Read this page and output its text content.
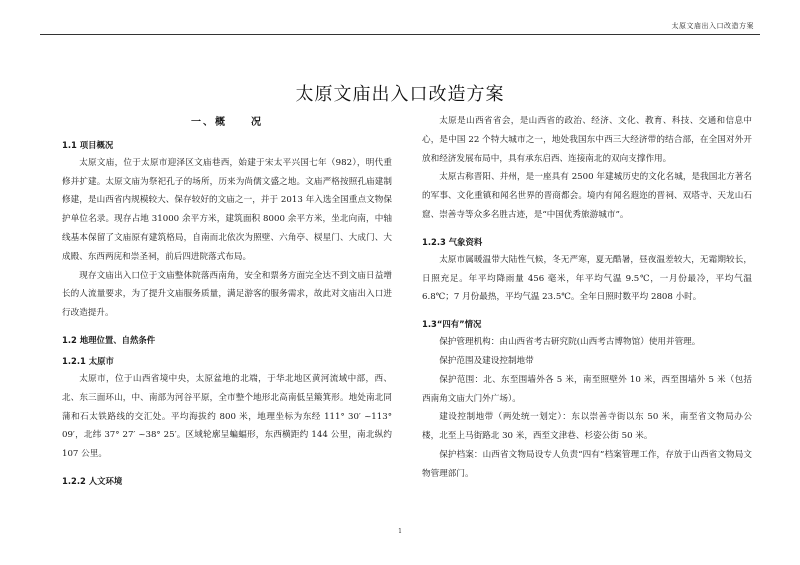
太原文庙出入口改造方案
太原文庙出入口改造方案
一、概　　况
1.1 项目概况

太原文庙，位于太原市迎泽区文庙巷西，始建于宋太平兴国七年（982），明代重修并扩建。太原文庙为祭祀孔子的场所，历来为尚儒文盛之地。文庙严格按照孔庙建制修建，是山西省内规模较大、保存较好的文庙之一，并于 2013 年入选全国重点文物保护单位名录。现存占地 31000 余平方米，建筑面积 8000 余平方米，坐北向南，中轴线基本保留了文庙原有建筑格局，自南而北依次为照壁、六角亭、棂星门、大成门、大成殿、东西两庑和崇圣祠，前后四进院落式布局。

现存文庙出入口位于文庙整体院落西南角，安全和票务方面完全达不到文庙日益增长的人流量要求，为了提升文庙服务质量，满足游客的服务需求，故此对文庙出入口进行改造提升。

1.2 地理位置、自然条件
1.2.1 太原市

太原市，位于山西省境中央，太原盆地的北端，于华北地区黄河流域中部，西、北、东三面环山，中、南部为河谷平原，全市整个地形北高南低呈簸箕形。地处南北同蒲和石太铁路线的交汇处。平均海拔约 800 米，地理坐标为东经 111° 30′ ~113° 09′，北纬 37° 27′ ~38° 25′。区域轮廓呈蝙蝠形，东西横距约 144 公里，南北纵约 107 公里。

1.2.2 人文环境

太原是山西省省会，是山西省的政治、经济、文化、教育、科技、交通和信息中心，是中国 22 个特大城市之一，地处我国东中西三大经济带的结合部，在全国对外开放和经济发展布局中，具有承东启西、连接南北的双向支撑作用。

太原古称晋阳、并州，是一座具有 2500 年建城历史的文化名城，是我国北方著名的军事、文化重镇和闻名世界的晋商都会。境内有闻名遐迩的晋祠、双塔寺、天龙山石窟、崇善寺等众多名胜古迹，是“中国优秀旅游城市”。

1.2.3 气象资料

太原市属暖温带大陆性气候，冬无严寒，夏无酷暑，昼夜温差较大，无霜期较长，日照充足。年平均降雨量 456 毫米，年平均气温 9.5℃，一月份最冷，平均气温 6.8℃；7 月份最热，平均气温 23.5℃。全年日照时数平均 2808 小时。

1.3“四有”情况

保护管理机构：由山西省考古研究院(山西考古博物馆）使用并管理。

保护范围及建设控制地带

保护范围：北、东至围墙外各 5 米，南至照壁外 10 米，西至围墙外 5 米（包括西南角文庙大门外广场）。

建设控制地带（两处统一划定）：东以崇善寺街以东 50 米，南至省文物局办公楼，北至上马街路北 30 米，西至文津巷、杉姿公街 50 米。

保护档案：山西省文物局设专人负责“四有”档案管理工作，存放于山西省文物局文物管理部门。

1
